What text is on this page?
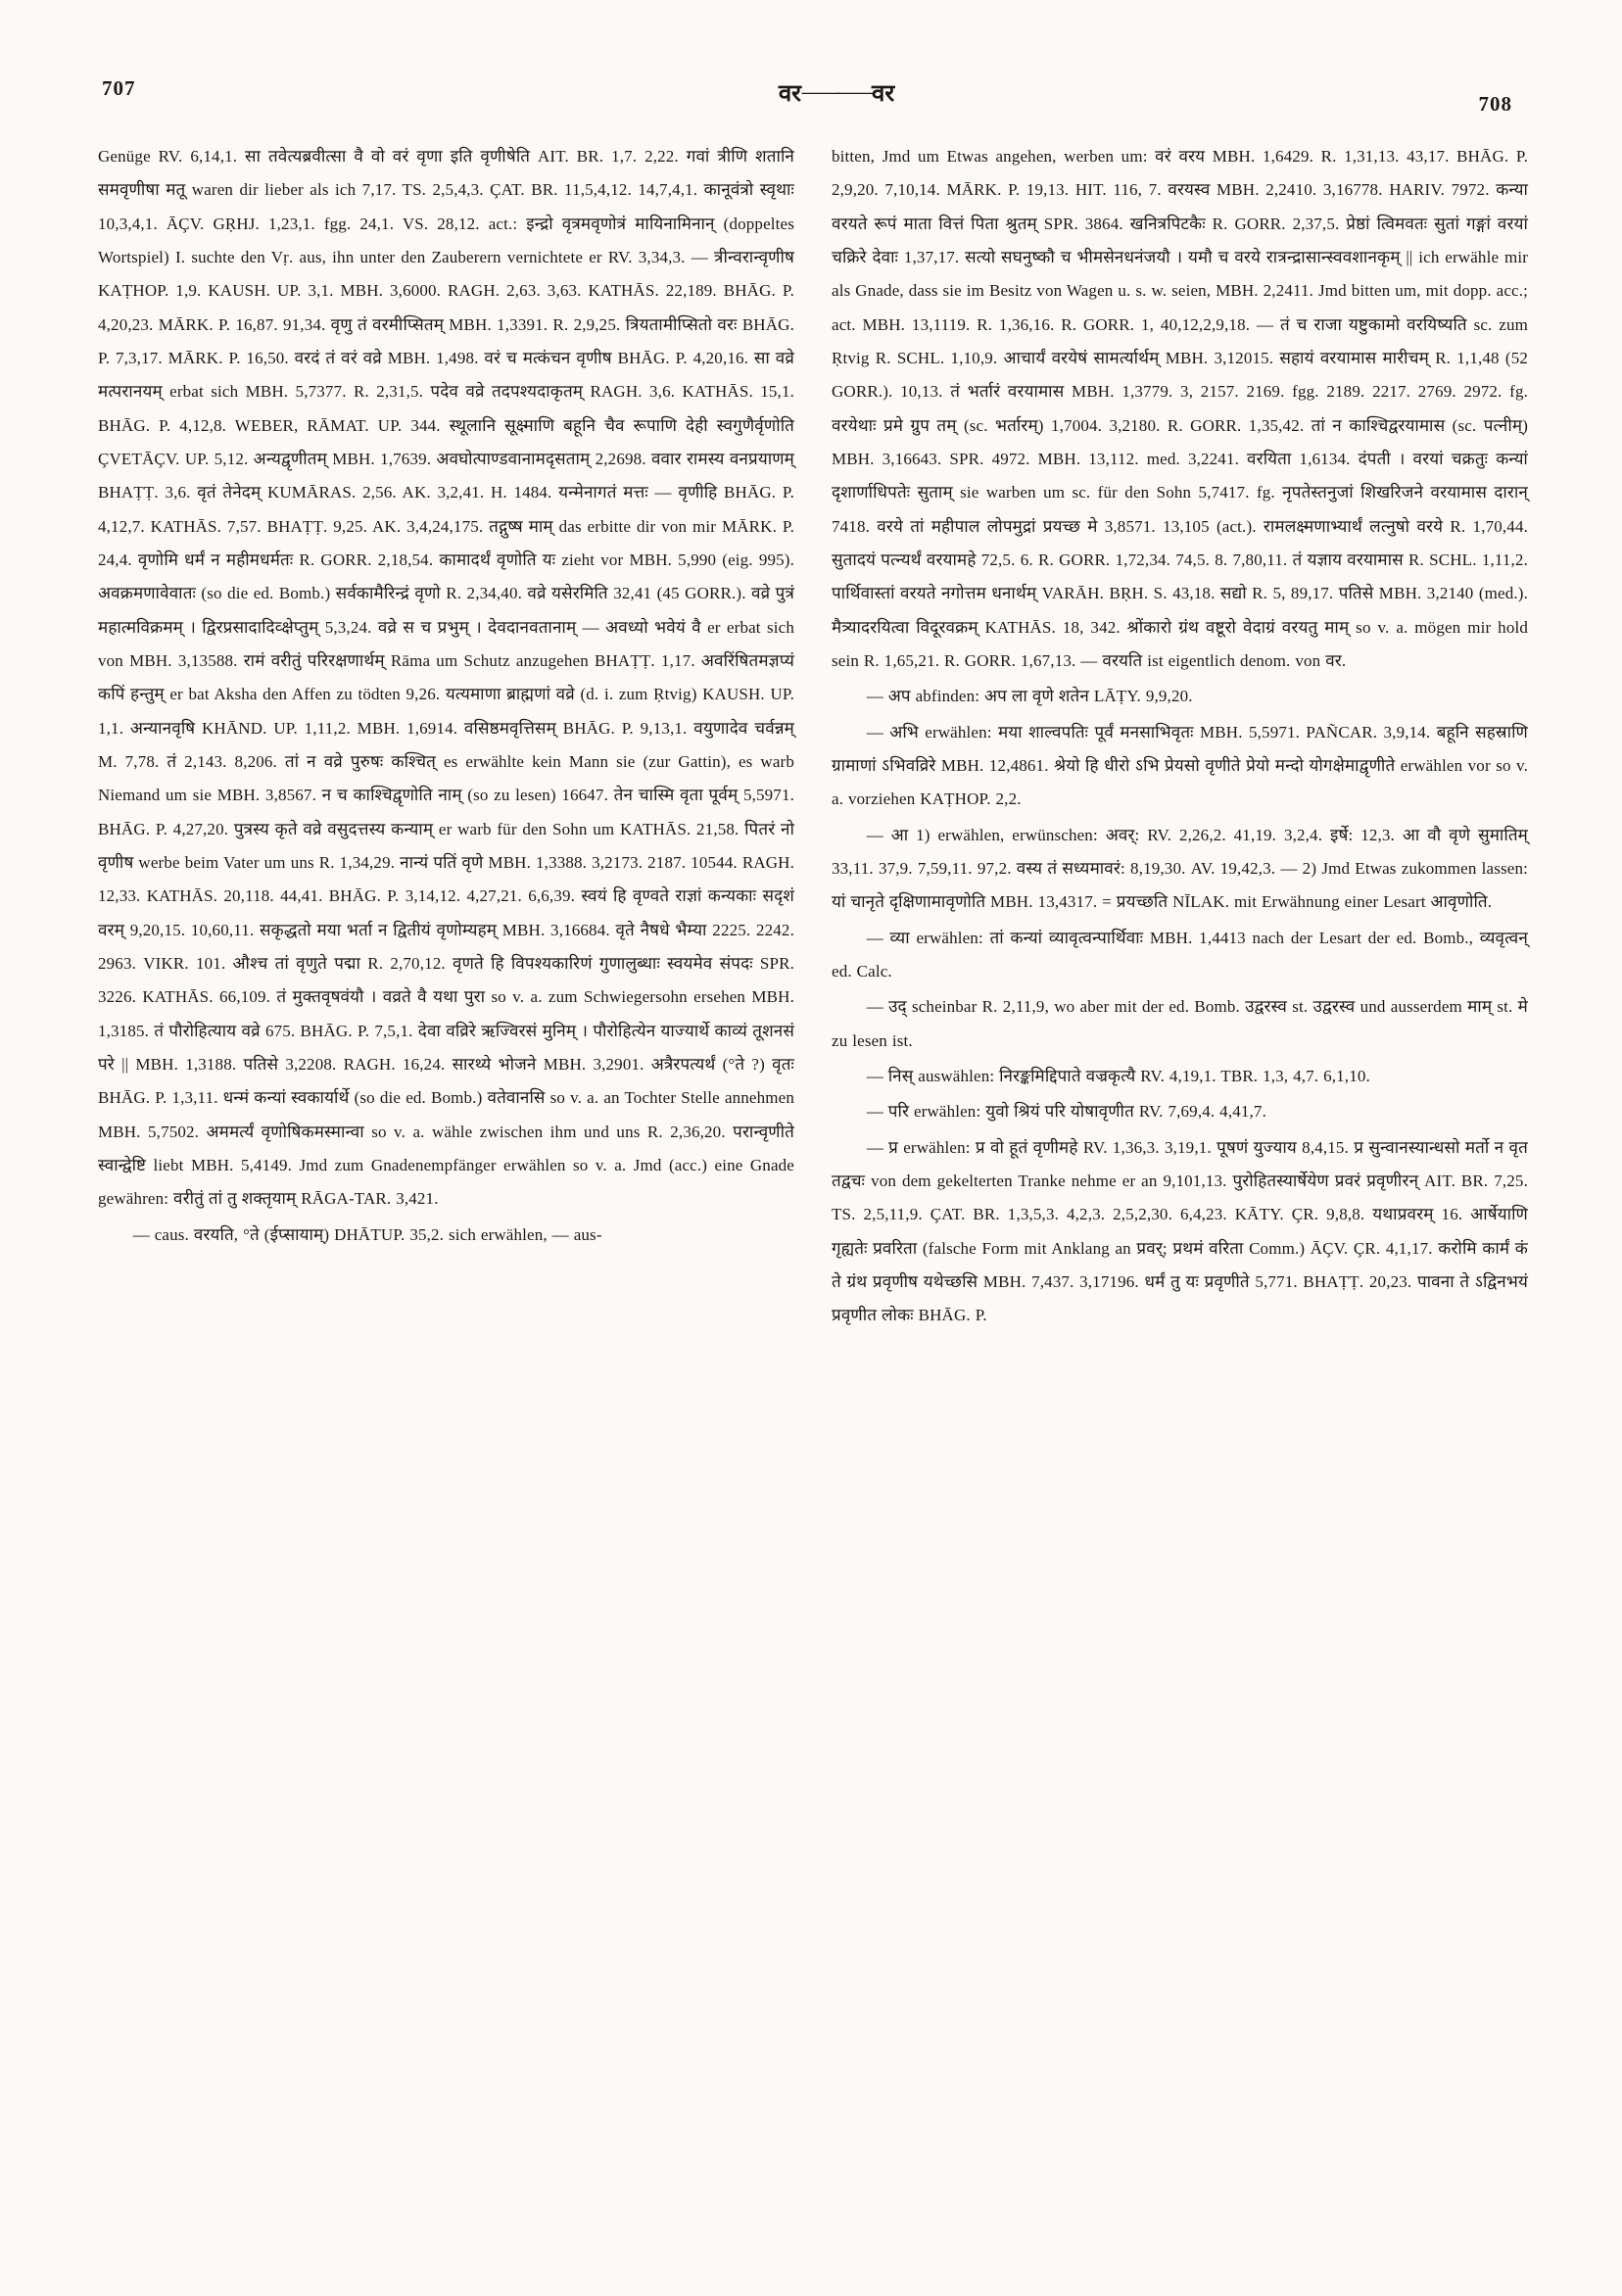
707	वर —— वर	708

Genüge RV. 6,14,1. सा तवेत्यब्रवीत्सा वै वो वरं वृणा इति वृणीषेति AIT. BR. 1,7. 2,22. गवां त्रीणि शतानि समवृणीषा मतू waren dir lieber als ich 7,17. TS. 2,5,4,3. ÇAT. BR. 11,5,4,12. 14,7,4,1. कानूवंत्रो स्वृथाः 10,3,4,1. ĀÇV. GṚHJ. 1,23,1. fgg. 24,1. VS. 28,12. act.: इन्द्रो वृत्रमवृणोत्रं मायिनामिनान् (doppeltes Wortspiel) I. suchte den Vṛ. aus, ihn unter den Zauberern vernichtete er RV. 3,34,3. — त्रीन्वरान्वृणीष KAṬHOP. 1,9. KAUSH. UP. 3,1. MBH. 3,6000. RAGH. 2,63. 3,63. KATHĀS. 22,189. BHĀG. P. 4,20,23. MĀRK. P. 16,87. 91,34. वृणु तं वरमीप्सितम् MBH. 1,3391. R. 2,9,25. त्रियतामीप्सितो वरः BHĀG. P. 7,3,17. MĀRK. P. 16,50. वरदं तं वरं वव्रे MBH. 1,498. वरं च मत्कंचन वृणीष BHĀG. P. 4,20,16. सा वव्रे मत्परानयम् erbat sich MBH. 5,7377. R. 2,31,5. पदेव वव्रे तदपश्यदाकृतम् RAGH. 3,6. KATHĀS. 15,1. BHĀG. P. 4,12,8. WEBER, RĀMAT. UP. 344. स्थूलानि सूक्ष्माणि बहूनि चैव रूपाणि देही स्वगुणैर्वृणोति ÇVETĀÇV. UP. 5,12. अन्यद्वृणीतम् MBH. 1,7639. अवघोत्पाण्डवानामदृसताम् 2,2698. ववार रामस्य वनप्रयाणम् BHAṬṬ. 3,6. वृतं तेनेदम् KUMĀRAS. 2,56. AK. 3,2,41. H. 1484. यन्मेनागतं मत्तः — वृणीहि BHĀG. P. 4,12,7. KATHĀS. 7,57. BHAṬṬ. 9,25. AK. 3,4,24,175. तद्गुष्ष माम् das erbitte dir von mir MĀRK. P. 24,4. वृणोमि धर्मं न महीमधर्मतः R. GORR. 2,18,54. कामादर्थं वृणोति यः zieht vor MBH. 5,990 (eig. 995). अवक्रमणावेवातः (so die ed. Bomb.) सर्वकामैरिन्द्रं वृणो R. 2,34,40. वव्रे यसेरमिति 32,41 (45 GORR.). वव्रे पुत्रं महात्मविक्रमम् । द्विरप्रसादादिव्क्षेप्तुम् 5,3,24. वव्रे स च प्रभुम् । देवदानवतानाम् — अवध्यो भवेयं वै er erbat sich von MBH. 3,13588. रामं वरीतुं परिरक्षणार्थम् Rāma um Schutz anzugehen BHAṬṬ. 1,17. अवरिंषितमज्ञप्यं कपिं हन्तुम् er bat Aksha den Affen zu tödten 9,26. यत्यमाणा ब्राह्मणां वव्रे (d. i. zum Ṛtvig) KAUSH. UP. 1,1. अन्यानवृषि KHĀND. UP. 1,11,2. MBH. 1,6914. वसिष्ठमवृत्तिसम् BHĀG. P. 9,13,1. वयुणादेव चर्वन्नम् M. 7,78. तं 2,143. 8,206. तां न वव्रे पुरुषः कश्चित् es erwählte kein Mann sie (zur Gattin), es warb Niemand um sie MBH. 3,8567. न च काश्चिद्वृणोति नाम् (so zu lesen) 16647. तेन चास्मि वृता पूर्वम् 5,5971. BHĀG. P. 4,27,20. पुत्रस्य कृते वव्रे वसुदत्तस्य कन्याम् er warb für den Sohn um KATHĀS. 21,58. पितरं नो वृणीष werbe beim Vater um uns R. 1,34,29. नान्यं पतिं वृणे MBH. 1,3388. 3,2173. 2187. 10544. RAGH. 12,33. KATHĀS. 20,118. 44,41. BHĀG. P. 3,14,12. 4,27,21. 6,6,39. स्वयं हि वृण्वते राज्ञां कन्यकाः सदृशं वरम् 9,20,15. 10,60,11. सकृद्धतो मया भर्ता न द्वितीयं वृणोम्यहम् MBH. 3,16684. वृते नैषधे भैम्या 2225. 2242. 2963. VIKR. 101. औश्च तां वृणुते पद्मा R. 2,70,12. वृणते हि विपश्यकारिणं गुणालुब्धाः स्वयमेव संपदः SPR. 3226. KATHĀS. 66,109. तं मुक्तवृषवंयौ । वव्रते वै यथा पुरा so v. a. zum Schwiegersohn ersehen MBH. 1,3185. तं पौरोहित्याय वव्रे 675. BHĀG. P. 7,5,1. देवा वव्रिरे ऋज्विरसं मुनिम् । पौरोहित्येन याज्यार्थे काव्यं तूशनसं परे || MBH. 1,3188. पतिसे 3,2208. RAGH. 16,24. सारथ्ये भोजने MBH. 3,2901. अत्रैरपत्यर्थं (°ते ?) वृतः BHĀG. P. 1,3,11. धन्मं कन्यां स्वकार्यार्थे (so die ed. Bomb.) वतेवानसि so v. a. an Tochter Stelle annehmen MBH. 5,7502. अममर्त्यं वृणोषिकमस्मान्वा so v. a. wähle zwischen ihm und uns R. 2,36,20. परान्वृणीते स्वान्द्वेष्टि liebt MBH. 5,4149. Jmd zum Gnadenempfänger erwählen so v. a. Jmd (acc.) eine Gnade gewähren: वरीतुं तां तु शक्तृयाम् RĀGA-TAR. 3,421.

— caus. वरयति, °ते (ईप्सायाम्) DHĀTUP. 35,2. sich erwählen, — aus-

bitten, Jmd um Etwas angehen, werben um: वरं वरय MBH. 1,6429. R. 1,31,13. 43,17. BHĀG. P. 2,9,20. 7,10,14. MĀRK. P. 19,13. HIT. 116, 7. वरयस्व MBH. 2,2410. 3,16778. HARIV. 7972. कन्या वरयते रूपं माता वित्तं पिता श्रुतम् SPR. 3864. खनित्रपिटकैः R. GORR. 2,37,5. प्रेष्ठां त्विमवतः सुतां गङ्गां वरयां चक्रिरे देवाः 1,37,17. सत्यो सघनुष्कौ च भीमसेनधनंजयौ । यमौ च वरये रात्रन्द्रासान्स्ववशानकृम् || ich erwähle mir als Gnade, dass sie im Besitz von Wagen u. s. w. seien, MBH. 2,2411. Jmd bitten um, mit dopp. acc.; act. MBH. 13,1119. R. 1,36,16. R. GORR. 1, 40,12,2,9,18. — तं च राजा यष्टुकामो वरयिष्यति sc. zum Ṛtvig R. SCHL. 1,10,9. आचार्यं वरयेषं सामर्त्यार्थम् MBH. 3,12015. सहायं वरयामास मारीचम् R. 1,1,48 (52 GORR.). 10,13. तं भर्तारं वरयामास MBH. 1,3779. 3, 2157. 2169. fgg. 2189. 2217. 2769. 2972. fg. वरयेथाः प्रमे ग्रुप तम् (sc. भर्तारम्) 1,7004. 3,2180. R. GORR. 1,35,42. तां न काश्चिद्वरयामास (sc. पत्नीम्) MBH. 3,16643. SPR. 4972. MBH. 13,112. med. 3,2241. वरयिता 1,6134. दंपती । वरयां चक्रतुः कन्यां दृशार्णाधिपतेः सुताम् sie warben um sc. für den Sohn 5,7417. fg. नृपतेस्तनुजां शिखरिजने वरयामास दारान् 7418. वरये तां महीपाल लोपमुद्रां प्रयच्छ मे 3,8571. 13,105 (act.). रामलक्ष्मणाभ्यार्थं लत्नुषो वरये R. 1,70,44. सुतादयं पत्न्यर्थं वरयामहे 72,5. 6. R. GORR. 1,72,34. 74,5. 8. 7,80,11. तं यज्ञाय वरयामास R. SCHL. 1,11,2. पार्थिवास्तां वरयते नगोत्तम धनार्थम् VARĀH. BṚH. S. 43,18. सद्यो R. 5, 89,17. पतिसे MBH. 3,2140 (med.). मैत्र्यादरयित्वा विदूरवक्रम् KATHĀS. 18, 342. श्रोंकारो ग्रंथ वष्टूरो वेदाग्रं वरयतु माम् so v. a. mögen mir hold sein R. 1,65,21. R. GORR. 1,67,13. — वरयति ist eigentlich denom. von वर.

— अप abfinden: अप ला वृणे शतेन LĀṬY. 9,9,20.

— अभि erwählen: मया शाल्वपतिः पूर्वं मनसाभिवृतः MBH. 5,5971. PAÑCAR. 3,9,14. बहूनि सहस्राणि ग्रामाणां ऽभिवव्रिरे MBH. 12,4861. श्रेयो हि धीरो ऽभि प्रेयसो वृणीते प्रेयो मन्दो योगक्षेमाद्वृणीते erwählen vor so v. a. vorziehen KAṬHOP. 2,2.

— आ 1) erwählen, erwünschen: अवर्: RV. 2,26,2. 41,19. 3,2,4. इर्षे: 12,3. आ वौ वृणे सुमातिम् 33,11. 37,9. 7,59,11. 97,2. वस्य तं सध्यमावरं: 8,19,30. AV. 19,42,3. — 2) Jmd Etwas zukommen lassen: यां चानृते दृक्षिणामावृणोति MBH. 13,4317. = प्रयच्छति NĪLAK. mit Erwähnung einer Lesart आवृणोति.

— व्या erwählen: तां कन्यां व्यावृत्वन्पार्थिवाः MBH. 1,4413 nach der Lesart der ed. Bomb., व्यवृत्वन् ed. Calc.

— उद् scheinbar R. 2,11,9, wo aber mit der ed. Bomb. उद्वरस्व st. उद्वरस्व und ausserdem माम् st. मे zu lesen ist.

— निस् auswählen: निरङ्कमिद्दिपाते वज्रकृत्यै RV. 4,19,1. TBR. 1,3, 4,7. 6,1,10.

— परि erwählen: युवो श्रियं परि योषावृणीत RV. 7,69,4. 4,41,7.

— प्र erwählen: प्र वो हूतं वृणीमहे RV. 1,36,3. 3,19,1. पूषणं युज्याय 8,4,15. प्र सुन्वानस्यान्धसो मर्तो न वृत तद्वचः von dem gekelterten Tranke nehme er an 9,101,13. पुरोहितस्यार्षेयेण प्रवरं प्रवृणीरन् AIT. BR. 7,25. TS. 2,5,11,9. ÇAT. BR. 1,3,5,3. 4,2,3. 2,5,2,30. 6,4,23. KĀTY. ÇR. 9,8,8. यथाप्रवरम् 16. आर्षेयाणि गृह्यतेः प्रवरिता (falsche Form mit Anklang an प्रवर्; प्रथमं वरिता Comm.) ĀÇV. ÇR. 4,1,17. करोमि कार्मं कं ते ग्रंथ प्रवृणीष यथेच्छसि MBH. 7,437. 3,17196. धर्मं तु यः प्रवृणीते 5,771. BHAṬṬ. 20,23. पावना ते ऽद्विनभयं प्रवृणीत लोकः BHĀG. P.
